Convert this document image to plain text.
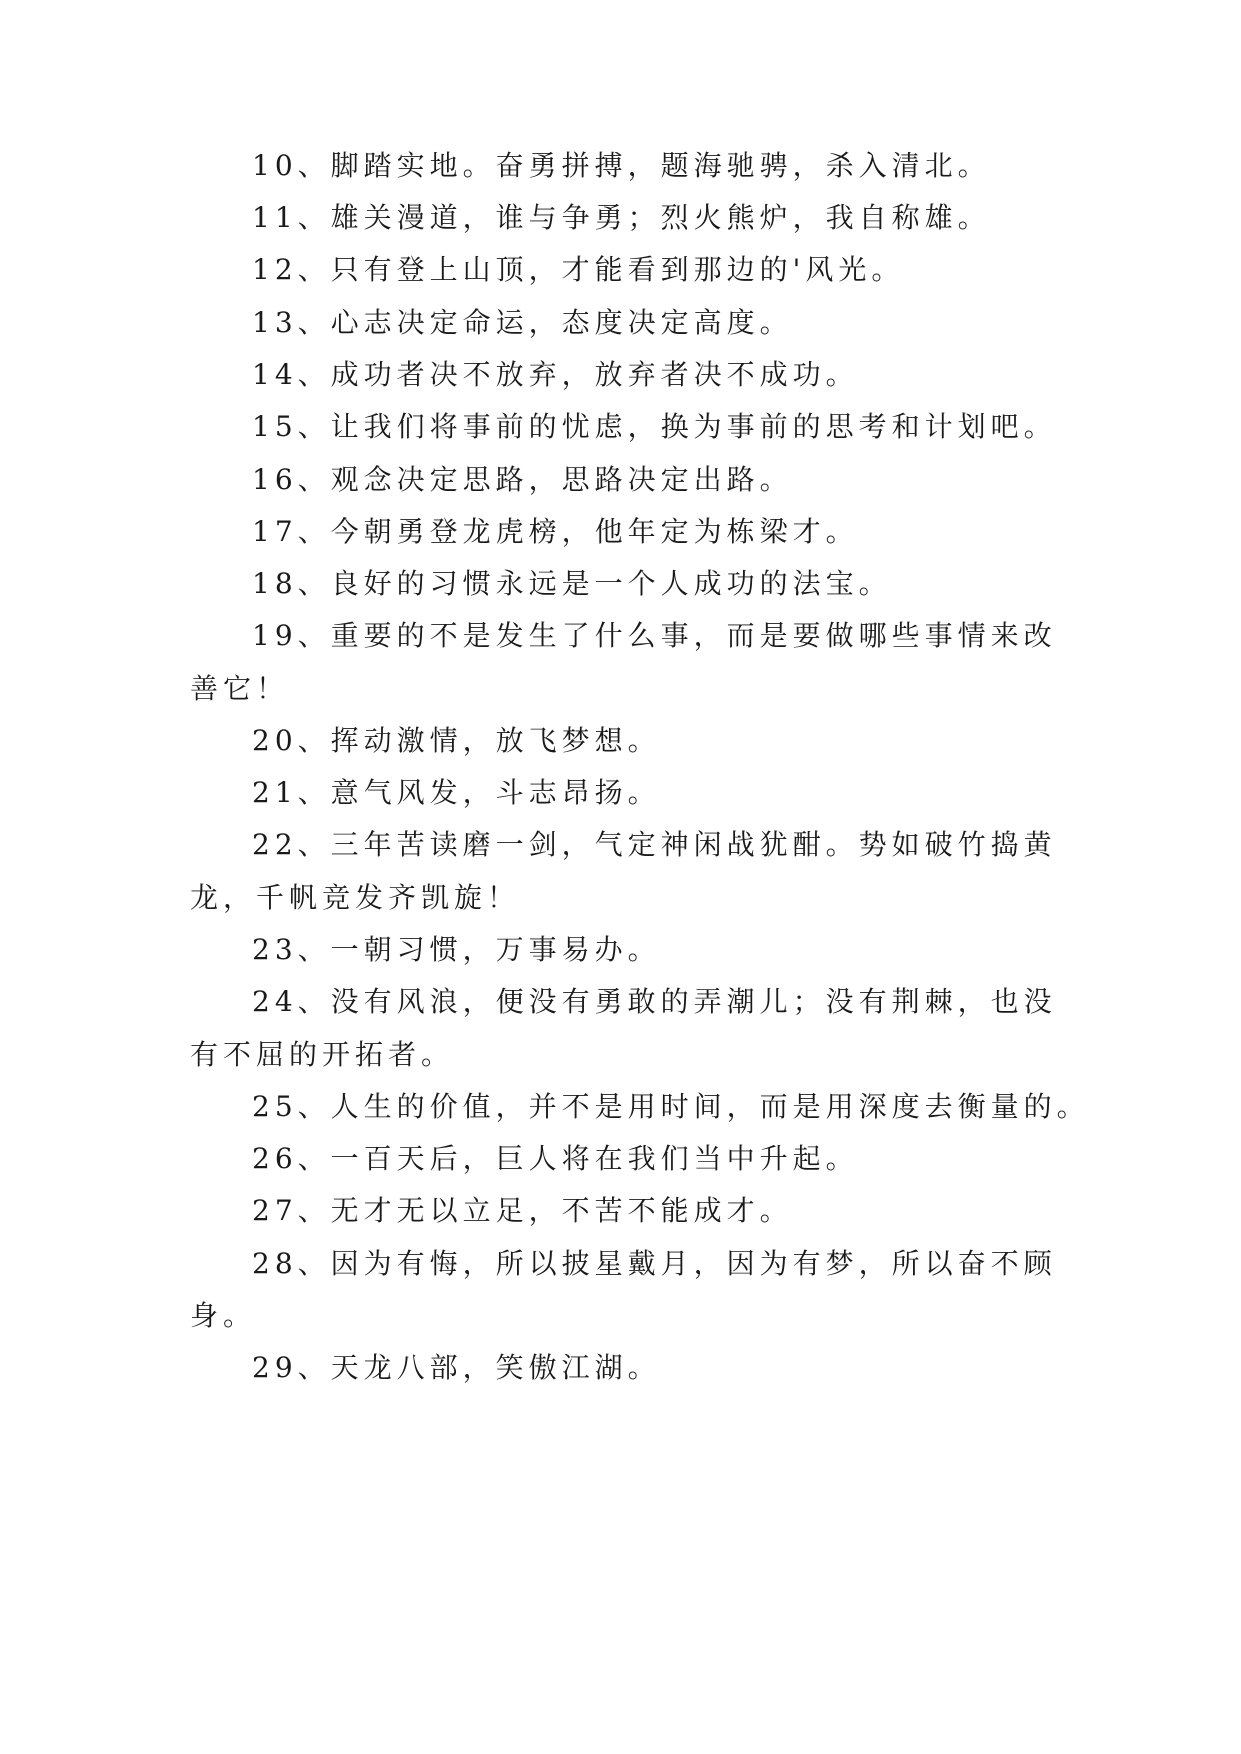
10、脚踏实地。奋勇拼搏，题海驰骋，杀入清北。
11、雄关漫道，谁与争勇；烈火熊炉，我自称雄。
12、只有登上山顶，才能看到那边的'风光。
13、心志决定命运，态度决定高度。
14、成功者决不放弃，放弃者决不成功。
15、让我们将事前的忧虑，换为事前的思考和计划吧。
16、观念决定思路，思路决定出路。
17、今朝勇登龙虎榜，他年定为栋梁才。
18、良好的习惯永远是一个人成功的法宝。
19、重要的不是发生了什么事，而是要做哪些事情来改
善它！
20、挥动激情，放飞梦想。
21、意气风发，斗志昂扬。
22、三年苦读磨一剑，气定神闲战犹酣。势如破竹捣黄
龙，千帆竞发齐凯旋！
23、一朝习惯，万事易办。
24、没有风浪，便没有勇敢的弄潮儿；没有荆棘，也没
有不屈的开拓者。
25、人生的价值，并不是用时间，而是用深度去衡量的。
26、一百天后，巨人将在我们当中升起。
27、无才无以立足，不苦不能成才。
28、因为有悔，所以披星戴月，因为有梦，所以奋不顾
身。
29、天龙八部，笑傲江湖。
